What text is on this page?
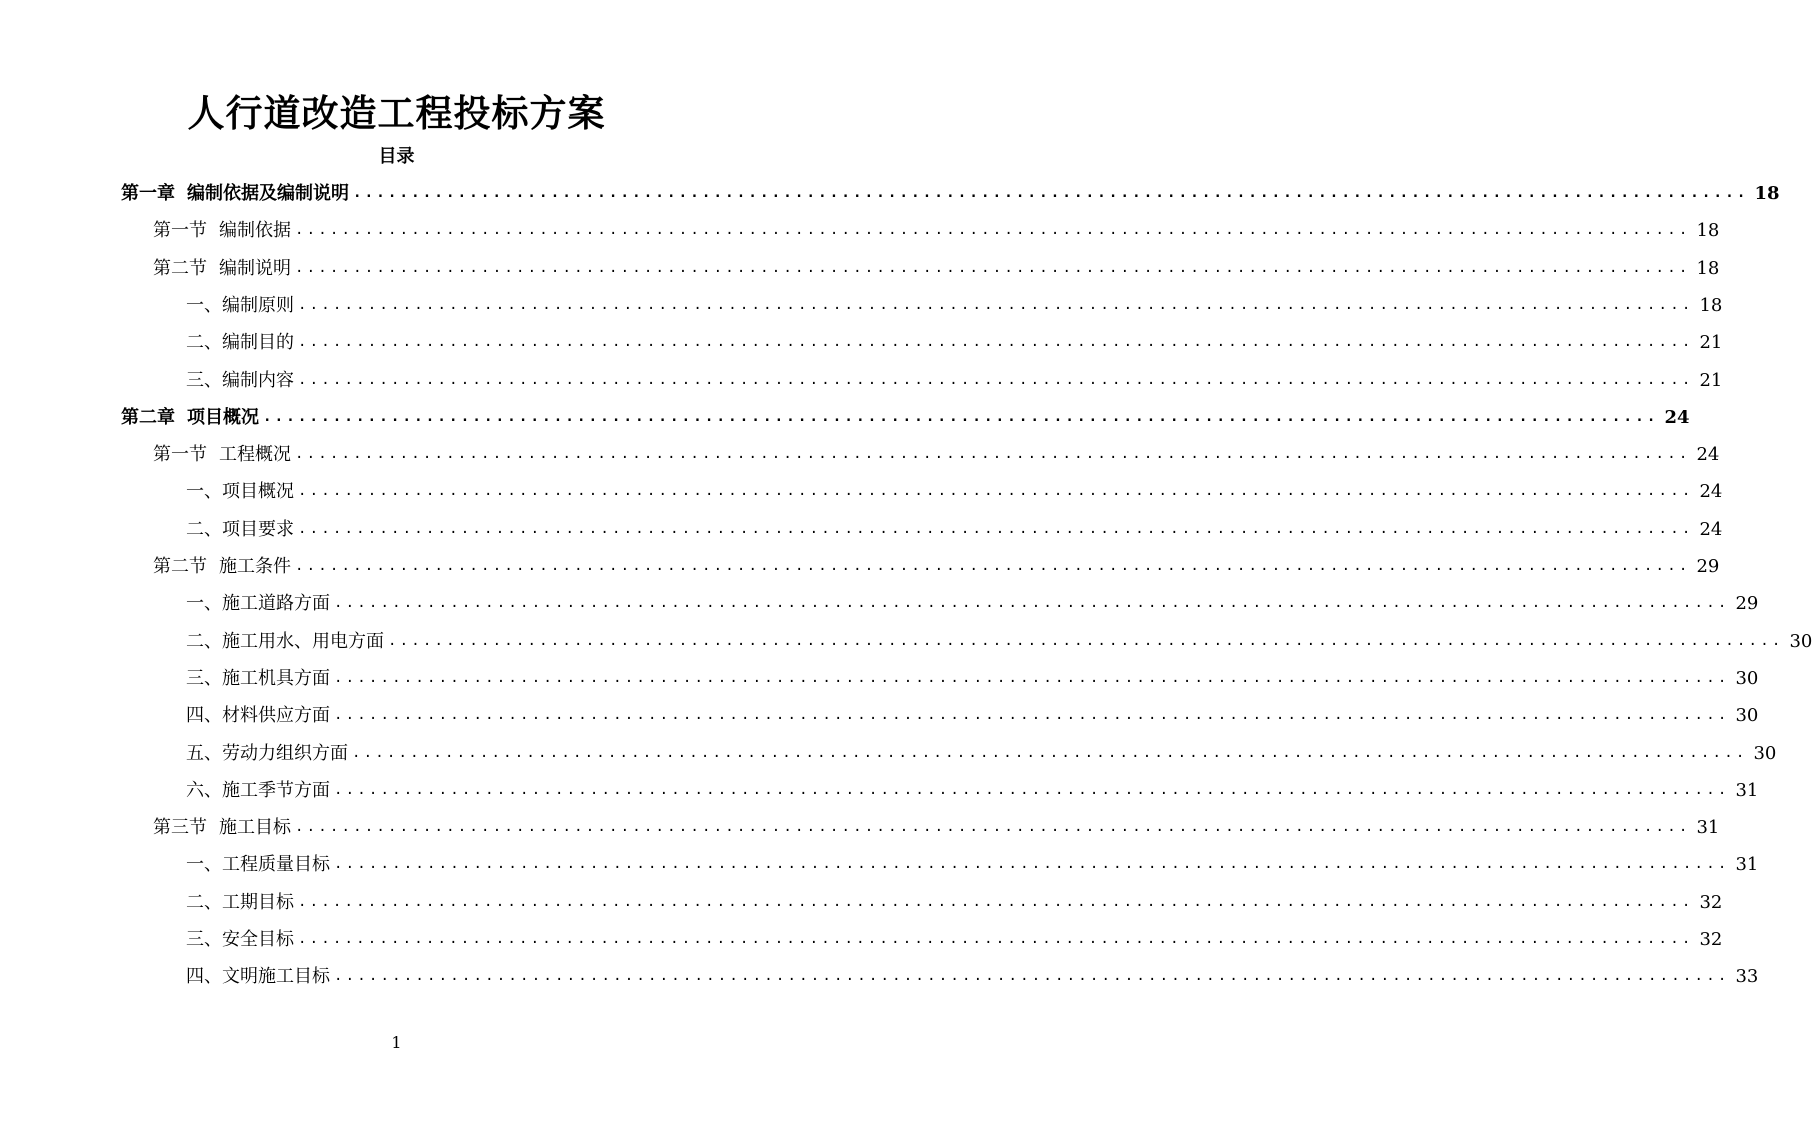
人行道改造工程投标方案
目录
第一章 编制依据及编制说明 ........................................................................................................................ 18
第一节 编制依据 ........................................................................................................................ 18
第二节 编制说明 ........................................................................................................................ 18
一、编制原则 ........................................................................................................................ 18
二、编制目的 ........................................................................................................................ 21
三、编制内容 ........................................................................................................................ 21
第二章 项目概况 ........................................................................................................................ 24
第一节 工程概况 ........................................................................................................................ 24
一、项目概况 ........................................................................................................................ 24
二、项目要求 ........................................................................................................................ 24
第二节 施工条件 ........................................................................................................................ 29
一、施工道路方面 ........................................................................................................................ 29
二、施工用水、用电方面 ........................................................................................................................ 30
三、施工机具方面 ........................................................................................................................ 30
四、材料供应方面 ........................................................................................................................ 30
五、劳动力组织方面 ........................................................................................................................ 30
六、施工季节方面 ........................................................................................................................ 31
第三节 施工目标 ........................................................................................................................ 31
一、工程质量目标 ........................................................................................................................ 31
二、工期目标 ........................................................................................................................ 32
三、安全目标 ........................................................................................................................ 32
四、文明施工目标 ........................................................................................................................ 33
1
